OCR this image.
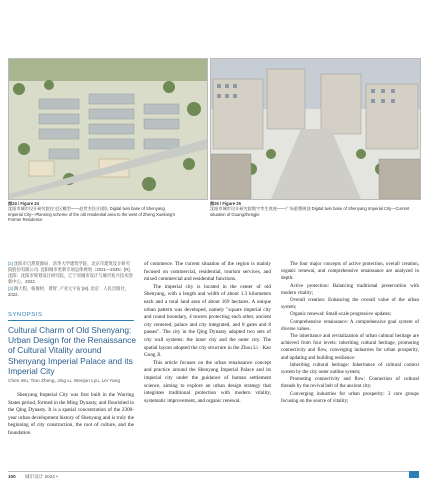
图24 / Figure 24
沈阳市城市设计研究院住宅区模型——赵世杰设计团队 Digital twin base of Shenyang
Imperial City—Planning scheme of the old residential area to the west of Zheng Xueliang's
Former Residence
图25 / Figure 25
沈阳市城市设计研究院数字孪生底座——广场重塑规划 Digital twin base of Shenyang Imperial City—Current
situation of Guangzhengjie

[2] 沈阳市自然资源局、清华大学建筑学院、北京市建筑设计研究院股份有限公司. 沈阳城市更新专项总体规划（2021—2035）[R]. 沈阳：沈阳市规划设计研究院，辽宁省城市设计与城市复兴技术创新中心，2022.

[3] 陶大程，杨俊材，黄智. 产业元宇宙 [M]. 北京：人民出版社，2022.

SYNOPSIS
Cultural Charm of Old Shenyang: Urban Design for the Renaissance of Cultural Vitality around Shenyang Imperial Palace and its Imperial City
Chen Wu, Tian Zheng, Jing Li, Wenjun Lyu, Lei Yang

Shenyang Imperial City was first built in the Warring States period, formed in the Ming Dynasty, and flourished in the Qing Dynasty. It is a spatial concentration of the 2300-year urban development history of Shenyang and is truly the beginning of city construction, the root of culture, and the foundation

of commerce. The current situation of the region is mainly focused on commercial, residential, tourism services, and mixed commercial and residential functions.

The imperial city is located in the center of old Shenyang, with a length and width of about 1.3 kilometers each and a total land area of about 169 hectares. A unique urban pattern was developed, namely "square imperial city and round boundary, 4 towers protecting each other, ancient city centered, palace and city integrated, and 8 gates and 8 passes". The city in the Qing Dynasty adopted two sets of city wall systems: the inner city and the outer city. The spatial layout adopted the city structure in the Zhou Li · Kao Gong Ji.

This article focuses on the urban renaissance concept and practice around the Shenyang Imperial Palace and its imperial city under the guidance of human settlement science, aiming to explore an urban design strategy that integrates traditional protection with modern vitality, systematic improvement, and organic renewal.

The four major concepts of active protection, overall creation, organic renewal, and comprehensive renaissance are analyzed in depth:

Active protection: Balancing traditional preservation with modern vitality;

Overall creation: Enhancing the overall value of the urban system;

Organic renewal: Small-scale progressive updates;

Comprehensive renaissance: A comprehensive goal system of diverse values.

The inheritance and revitalization of urban cultural heritage are achieved from four levels: inheriting cultural heritage, promoting connectivity and flow, converging industries for urban prosperity, and updating and building resilience:

Inheriting cultural heritage: Inheritance of cultural context system by the city outer outline system;

Promoting connectivity and flow: Connection of cultural threads by the revival belt of the ancient city;

Converging industries for urban prosperity: 3 core groups focusing on the source of vitality;

100 城市设计 2024 •
